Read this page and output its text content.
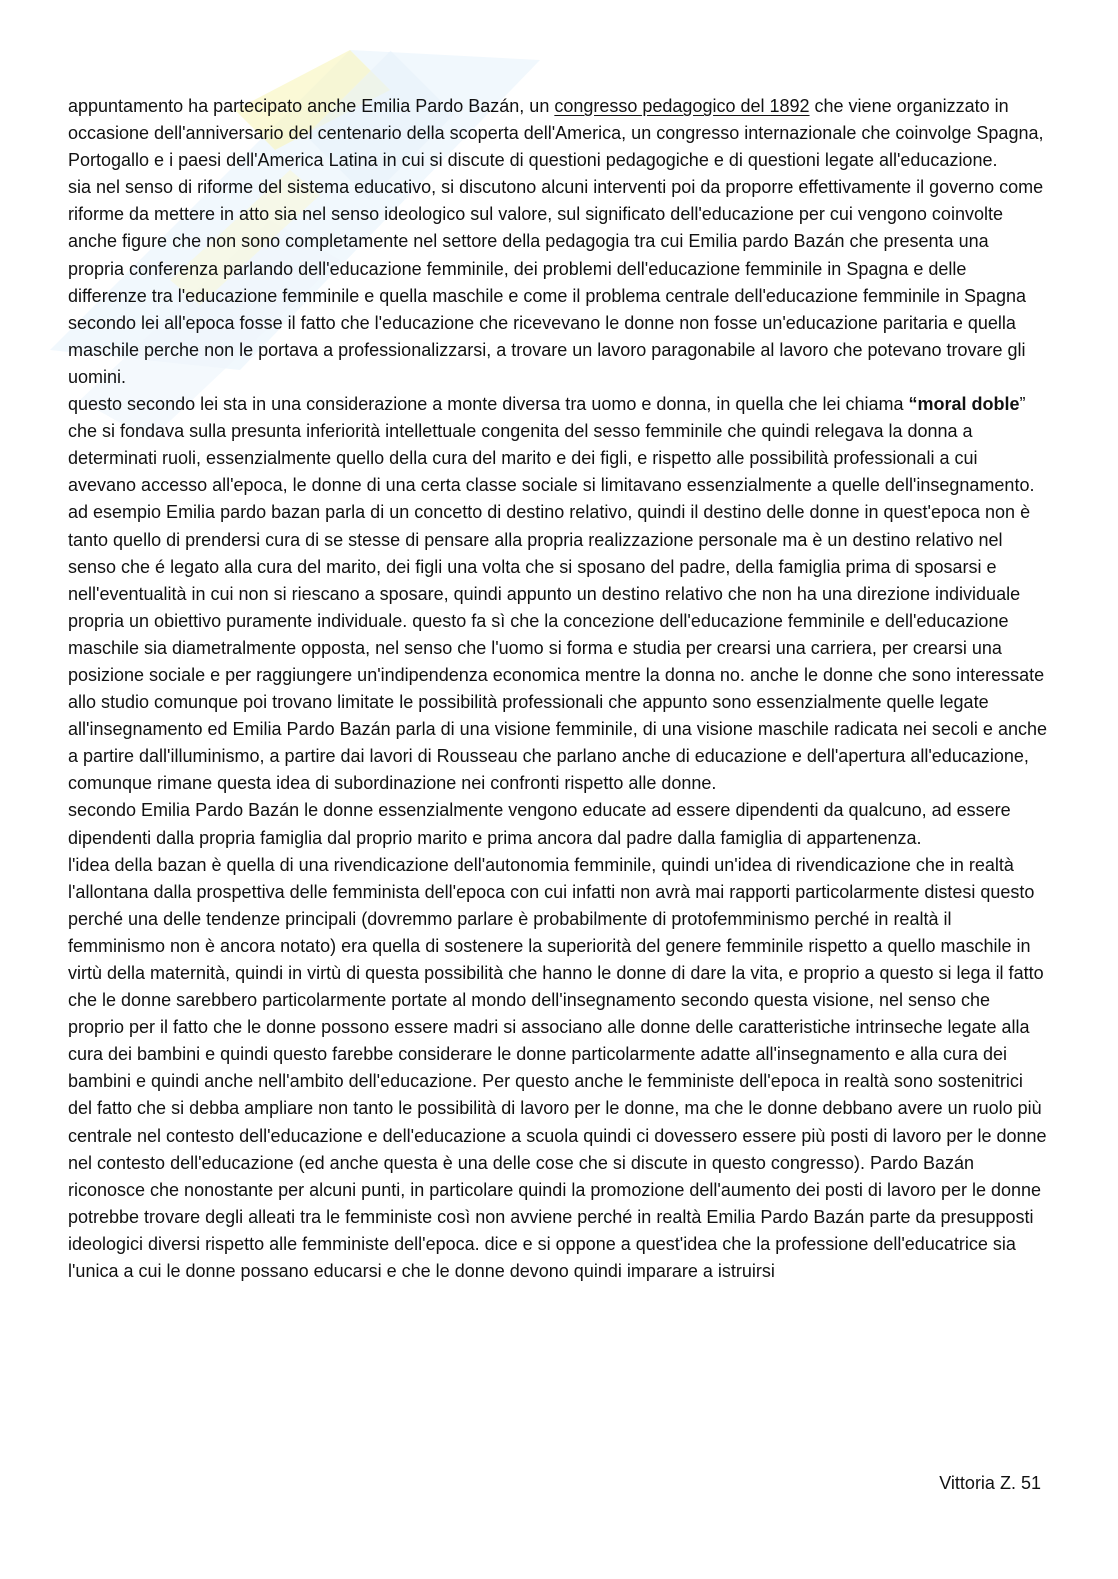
appuntamento ha partecipato anche Emilia Pardo Bazán, un congresso pedagogico del 1892 che viene organizzato in occasione dell'anniversario del centenario della scoperta dell'America, un congresso internazionale che coinvolge Spagna, Portogallo e i paesi dell'America Latina in cui si discute di questioni pedagogiche e di questioni legate all'educazione.

sia nel senso di riforme del sistema educativo, si discutono alcuni interventi poi da proporre effettivamente il governo come riforme da mettere in atto sia nel senso ideologico sul valore, sul significato dell'educazione per cui vengono coinvolte anche figure che non sono completamente nel settore della pedagogia tra cui Emilia pardo Bazán che presenta una propria conferenza parlando dell'educazione femminile, dei problemi dell'educazione femminile in Spagna e delle differenze tra l'educazione femminile e quella maschile e come il problema centrale dell'educazione femminile in Spagna secondo lei all'epoca fosse il fatto che l'educazione che ricevevano le donne non fosse un'educazione paritaria e quella maschile perche non le portava a professionalizzarsi, a trovare un lavoro paragonabile al lavoro che potevano trovare gli uomini.

questo secondo lei sta in una considerazione a monte diversa tra uomo e donna, in quella che lei chiama “moral doble” che si fondava sulla presunta inferiorità intellettuale congenita del sesso femminile che quindi relegava la donna a determinati ruoli, essenzialmente quello della cura del marito e dei figli, e rispetto alle possibilità professionali a cui avevano accesso all'epoca, le donne di una certa classe sociale si limitavano essenzialmente a quelle dell'insegnamento.

ad esempio Emilia pardo bazan parla di un concetto di destino relativo, quindi il destino delle donne in quest'epoca non è tanto quello di prendersi cura di se stesse di pensare alla propria realizzazione personale ma è un destino relativo nel senso che é legato alla cura del marito, dei figli una volta che si sposano del padre, della famiglia prima di sposarsi e nell'eventualità in cui non si riescano a sposare, quindi appunto un destino relativo che non ha una direzione individuale propria un obiettivo puramente individuale. questo fa sì che la concezione dell'educazione femminile e dell'educazione maschile sia diametralmente opposta, nel senso che l'uomo si forma e studia per crearsi una carriera, per crearsi una posizione sociale e per raggiungere un'indipendenza economica mentre la donna no. anche le donne che sono interessate allo studio comunque poi trovano limitate le possibilità professionali che appunto sono essenzialmente quelle legate all'insegnamento ed Emilia Pardo Bazán parla di una visione femminile, di una visione maschile radicata nei secoli e anche a partire dall'illuminismo, a partire dai lavori di Rousseau che parlano anche di educazione e dell'apertura all'educazione, comunque rimane questa idea di subordinazione nei confronti rispetto alle donne.

secondo Emilia Pardo Bazán le donne essenzialmente vengono educate ad essere dipendenti da qualcuno, ad essere dipendenti dalla propria famiglia dal proprio marito e prima ancora dal padre dalla famiglia di appartenenza.

l'idea della bazan è quella di una rivendicazione dell'autonomia femminile, quindi un'idea di rivendicazione che in realtà l'allontana dalla prospettiva delle femminista dell'epoca con cui infatti non avrà mai rapporti particolarmente distesi questo perché una delle tendenze principali (dovremmo parlare è probabilmente di protofemminismo perché in realtà il femminismo non è ancora notato) era quella di sostenere la superiorità del genere femminile rispetto a quello maschile in virtù della maternità, quindi in virtù di questa possibilità che hanno le donne di dare la vita, e proprio a questo si lega il fatto che le donne sarebbero particolarmente portate al mondo dell'insegnamento secondo questa visione, nel senso che proprio per il fatto che le donne possono essere madri si associano alle donne delle caratteristiche intrinseche legate alla cura dei bambini e quindi questo farebbe considerare le donne particolarmente adatte all'insegnamento e alla cura dei bambini e quindi anche nell'ambito dell'educazione. Per questo anche le femministe dell'epoca in realtà sono sostenitrici del fatto che si debba ampliare non tanto le possibilità di lavoro per le donne, ma che le donne debbano avere un ruolo più centrale nel contesto dell'educazione e dell'educazione a scuola quindi ci dovessero essere più posti di lavoro per le donne nel contesto dell'educazione (ed anche questa è una delle cose che si discute in questo congresso). Pardo Bazán riconosce che nonostante per alcuni punti, in particolare quindi la promozione dell'aumento dei posti di lavoro per le donne potrebbe trovare degli alleati tra le femministe così non avviene perché in realtà Emilia Pardo Bazán parte da presupposti ideologici diversi rispetto alle femministe dell'epoca. dice e si oppone a quest'idea che la professione dell'educatrice sia l'unica a cui le donne possano educarsi e che le donne devono quindi imparare a istruirsi

Vittoria Z. 51
